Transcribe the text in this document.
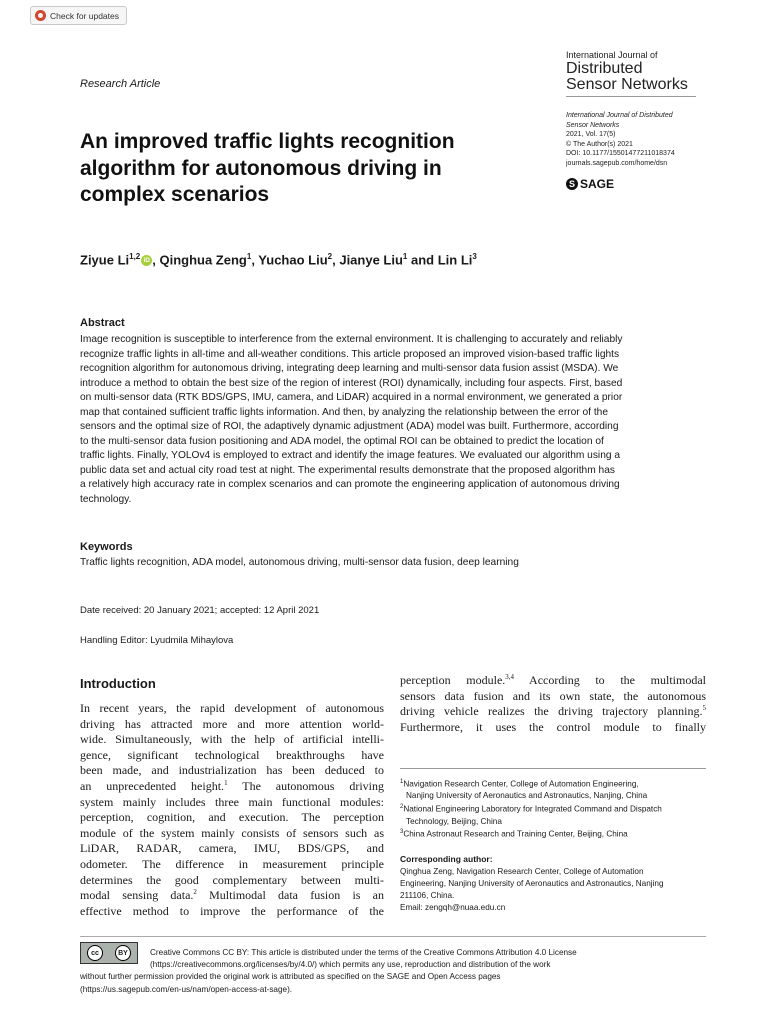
Check for updates
Research Article
International Journal of
Distributed
Sensor Networks
International Journal of Distributed
Sensor Networks
2021, Vol. 17(5)
© The Author(s) 2021
DOI: 10.1177/15501477211018374
journals.sagepub.com/home/dsn
S SAGE
An improved traffic lights recognition
algorithm for autonomous driving in
complex scenarios
Ziyue Li$^{1,2}$ iD , Qinghua Zeng$^1$, Yuchao Liu$^2$, Jianye Liu$^1$ and Lin Li$^3$
Abstract
Image recognition is susceptible to interference from the external environment. It is challenging to accurately and reliably
recognize traffic lights in all-time and all-weather conditions. This article proposed an improved vision-based traffic lights
recognition algorithm for autonomous driving, integrating deep learning and multi-sensor data fusion assist (MSDA). We
introduce a method to obtain the best size of the region of interest (ROI) dynamically, including four aspects. First, based
on multi-sensor data (RTK BDS/GPS, IMU, camera, and LiDAR) acquired in a normal environment, we generated a prior
map that contained sufficient traffic lights information. And then, by analyzing the relationship between the error of the
sensors and the optimal size of ROI, the adaptively dynamic adjustment (ADA) model was built. Furthermore, according
to the multi-sensor data fusion positioning and ADA model, the optimal ROI can be obtained to predict the location of
traffic lights. Finally, YOLOv4 is employed to extract and identify the image features. We evaluated our algorithm using a
public data set and actual city road test at night. The experimental results demonstrate that the proposed algorithm has
a relatively high accuracy rate in complex scenarios and can promote the engineering application of autonomous driving
technology.
Keywords
Traffic lights recognition, ADA model, autonomous driving, multi-sensor data fusion, deep learning
Date received: 20 January 2021; accepted: 12 April 2021
Handling Editor: Lyudmila Mihaylova
Introduction
In recent years, the rapid development of autonomous
driving has attracted more and more attention world-
wide. Simultaneously, with the help of artificial intelli-
gence, significant technological breakthroughs have
been made, and industrialization has been deduced to
an unprecedented height.$^1$ The autonomous driving
system mainly includes three main functional modules:
perception, cognition, and execution. The perception
module of the system mainly consists of sensors such as
LiDAR, RADAR, camera, IMU, BDS/GPS, and
odometer. The difference in measurement principle
determines the good complementary between multi-
modal sensing data.$^2$ Multimodal data fusion is an
effective method to improve the performance of the
perception module.$^{3,4}$ According to the multimodal
sensors data fusion and its own state, the autonomous
driving vehicle realizes the driving trajectory planning.$^5$
Furthermore, it uses the control module to finally
$^1$Navigation Research Center, College of Automation Engineering,
Nanjing University of Aeronautics and Astronautics, Nanjing, China
$^2$National Engineering Laboratory for Integrated Command and Dispatch
Technology, Beijing, China
$^3$China Astronaut Research and Training Center, Beijing, China
Corresponding author:
Qinghua Zeng, Navigation Research Center, College of Automation
Engineering, Nanjing University of Aeronautics and Astronautics, Nanjing
211106, China.
Email: zengqh@nuaa.edu.cn
cc	BY	Creative Commons CC BY: This article is distributed under the terms of the Creative Commons Attribution 4.0 License
(https://creativecommons.org/licenses/by/4.0/) which permits any use, reproduction and distribution of the work
without further permission provided the original work is attributed as specified on the SAGE and Open Access pages
(https://us.sagepub.com/en-us/nam/open-access-at-sage).
